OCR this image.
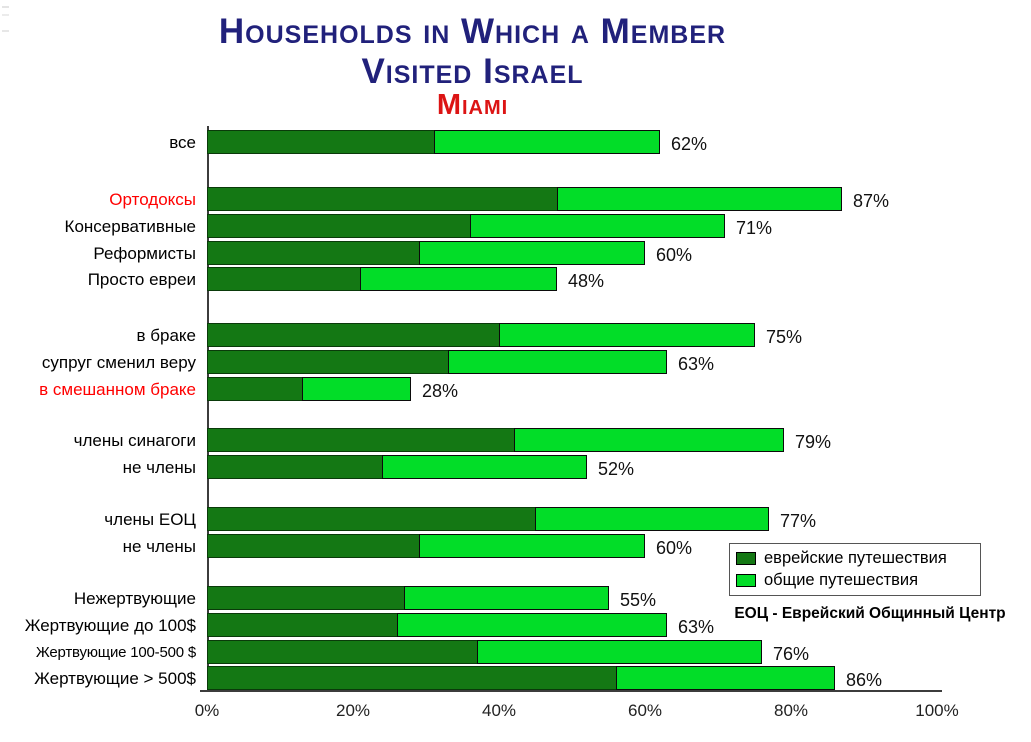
Households in Which a Member
Visited Israel
Miami
все	62%
Ортодоксы	87%
Консервативные	71%
Реформисты	60%
Просто евреи	48%
в браке	75%
супруг сменил веру	63%
в смешанном браке	28%
члены синагоги	79%
не члены	52%
члены ЕОЦ	77%
не члены	60%
Нежертвующие	55%
Жертвующие до 100$	63%
Жертвующие 100-500 $	76%
Жертвующие > 500$	86%
0%	20%	40%	60%	80%	100%
еврейские путешествия
общие путешествия
ЕОЦ - Еврейский Общинный Центр
